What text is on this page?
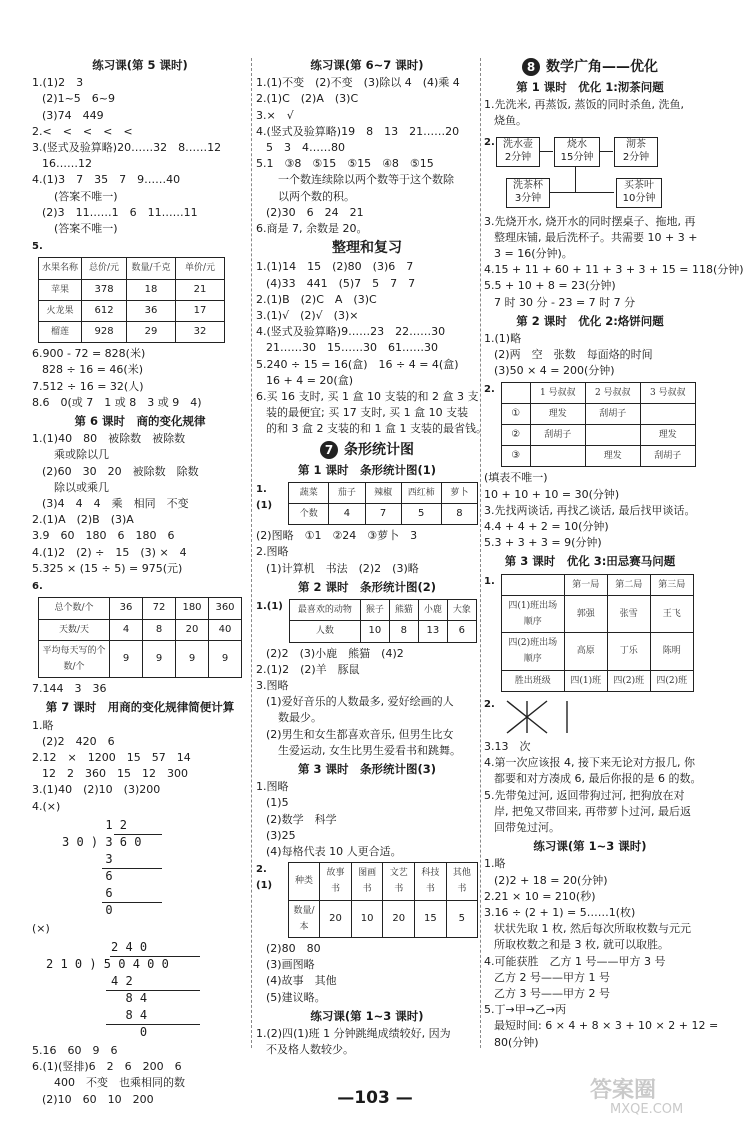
练习课(第 5 课时)
1.(1)2　3
(2)1~5　6~9
(3)74　449
2.<　<　<　<　<
3.(竖式及验算略)20……32　8……12
16……12
4.(1)3　7　35　7　9……40
(答案不唯一)
(2)3　11……1　6　11……11
(答案不唯一)
5.
水果名称	总价/元	数量/千克	单价/元
苹果	378	18	21
火龙果	612	36	17
榴莲	928	29	32
6.900 - 72 = 828(米)
828 ÷ 16 = 46(米)
7.512 ÷ 16 = 32(人)
8.6　0(或 7　1 或 8　3 或 9　4)
第 6 课时　商的变化规律
1.(1)40　80　被除数　被除数
乘或除以几
(2)60　30　20　被除数　除数
除以或乘几
(3)4　4　4　乘　相同　不变
2.(1)A　(2)B　(3)A
3.9　60　180　6　180　6
4.(1)2　(2) ÷　15　(3) ×　4
5.325 × (15 ÷ 5) = 975(元)
6.
总个数/个	36	72	180	360
天数/天	4	8	20	40
平均每天写的个数/个	9	9	9	9
7.144　3　36
第 7 课时　用商的变化规律简便计算
1.略
(2)2　420　6
2.12　×　1200　15　57　14
12　2　360　15　12　300
3.(1)40　(2)10　(3)200
4.(×)
1 2
3 0 ) 3 6 0
3
6
6
0
(×)
2 4 0
2 1 0 ) 5 0 4 0 0
4 2
8 4
8 4
0
5.16　60　9　6
6.(1)(竖排)6　2　6　200　6
400　不变　也乘相同的数
(2)10　60　10　200
练习课(第 6~7 课时)
1.(1)不变　(2)不变　(3)除以 4　(4)乘 4
2.(1)C　(2)A　(3)C
3.×　√
4.(竖式及验算略)19　8　13　21……20
5　3　4……80
5.1　③8　⑤15　⑤15　④8　⑤15
一个数连续除以两个数等于这个数除
以两个数的积。
(2)30　6　24　21
6.商是 7, 余数是 20。
整理和复习
1.(1)14　15　(2)80　(3)6　7
(4)33　441　(5)7　5　7　7
2.(1)B　(2)C　A　(3)C
3.(1)√　(2)√　(3)×
4.(竖式及验算略)9……23　22……30
21……30　15……30　61……30
5.240 ÷ 15 = 16(盒)　16 ÷ 4 = 4(盒)
16 + 4 = 20(盒)
6.买 16 支时, 买 1 盒 10 支装的和 2 盒 3 支
装的最便宜; 买 17 支时, 买 1 盒 10 支装
的和 3 盒 2 支装的和 1 盒 1 支装的最省钱。
7 条形统计图
第 1 课时　条形统计图(1)
1.(1)
蔬菜	茄子	辣椒	西红柿	萝卜
个数	4	7	5	8
(2)图略　①1　②24　③萝卜　3
2.图略
(1)计算机　书法　(2)2　(3)略
第 2 课时　条形统计图(2)
1.(1) 最喜欢的动物	猴子	熊猫	小鹿	大象
人数	10	8	13	6
(2)2　(3)小鹿　熊猫　(4)2
2.(1)2　(2)羊　豚鼠
3.图略
(1)爱好音乐的人数最多, 爱好绘画的人
数最少。
(2)男生和女生都喜欢音乐, 但男生比女
生爱运动, 女生比男生爱看书和跳舞。
第 3 课时　条形统计图(3)
1.图略
(1)5
(2)数学　科学
(3)25
(4)每格代表 10 人更合适。
2.(1)	种类	故事书	图画书	文艺书	科技书	其他书
数量/本	20	10	20	15	5
(2)80　80
(3)画图略
(4)故事　其他
(5)建议略。
练习课(第 1~3 课时)
1.(2)四(1)班 1 分钟跳绳成绩较好, 因为
不及格人数较少。
8 数学广角——优化
第 1 课时　优化 1:沏茶问题
1.先洗米, 再蒸饭, 蒸饭的同时杀鱼, 洗鱼,
烧鱼。
2. 洗水壶
2分钟
烧水
15分钟
沏茶
2分钟
洗茶杯
3分钟
买茶叶
10分钟
3.先烧开水, 烧开水的同时摆桌子、拖地, 再
整理床铺, 最后洗杯子。共需要 10 + 3 +
3 = 16(分钟)。
4.15 + 11 + 60 + 11 + 3 + 3 + 15 = 118(分钟)
5.5 + 10 + 8 = 23(分钟)
7 时 30 分 - 23 = 7 时 7 分
第 2 课时　优化 2:烙饼问题
1.(1)略
(2)两　空　张数　每面烙的时间
(3)50 × 4 = 200(分钟)
2.
		1 号叔叔	2 号叔叔	3 号叔叔
①	理发	刮胡子	
②	刮胡子		理发
③		理发	刮胡子
(填表不唯一)
10 + 10 + 10 = 30(分钟)
3.先找两谈话, 再找乙谈话, 最后找甲谈话。
4.4 + 4 + 2 = 10(分钟)
5.3 + 3 + 3 = 9(分钟)
第 3 课时　优化 3:田忌赛马问题
1.
		第一局	第二局	第三局
四(1)班出场顺序	郭强	张雪	王飞
四(2)班出场顺序	高原	丁乐	陈明
胜出班级	四(1)班	四(2)班	四(2)班
2.
3.13　次
4.第一次应该报 4, 接下来无论对方报几, 你
都要和对方凑成 6, 最后你报的是 6 的数。
5.先带兔过河, 返回带狗过河, 把狗放在对
岸, 把兔又带回来, 再带萝卜过河, 最后返
回带兔过河。
练习课(第 1~3 课时)
1.略
(2)2 + 18 = 20(分钟)
2.21 × 10 = 210(秒)
3.16 ÷ (2 + 1) = 5……1(枚)
状状先取 1 枚, 然后每次所取枚数与元元
所取枚数之和是 3 枚, 就可以取胜。
4.可能获胜　乙方 1 号——甲方 3 号
乙方 2 号——甲方 1 号
乙方 3 号——甲方 2 号
5.丁→甲→乙→丙
最短时间: 6 × 4 + 8 × 3 + 10 × 2 + 12 =
80(分钟)
—103 —	答案圈
MXQE.COM
